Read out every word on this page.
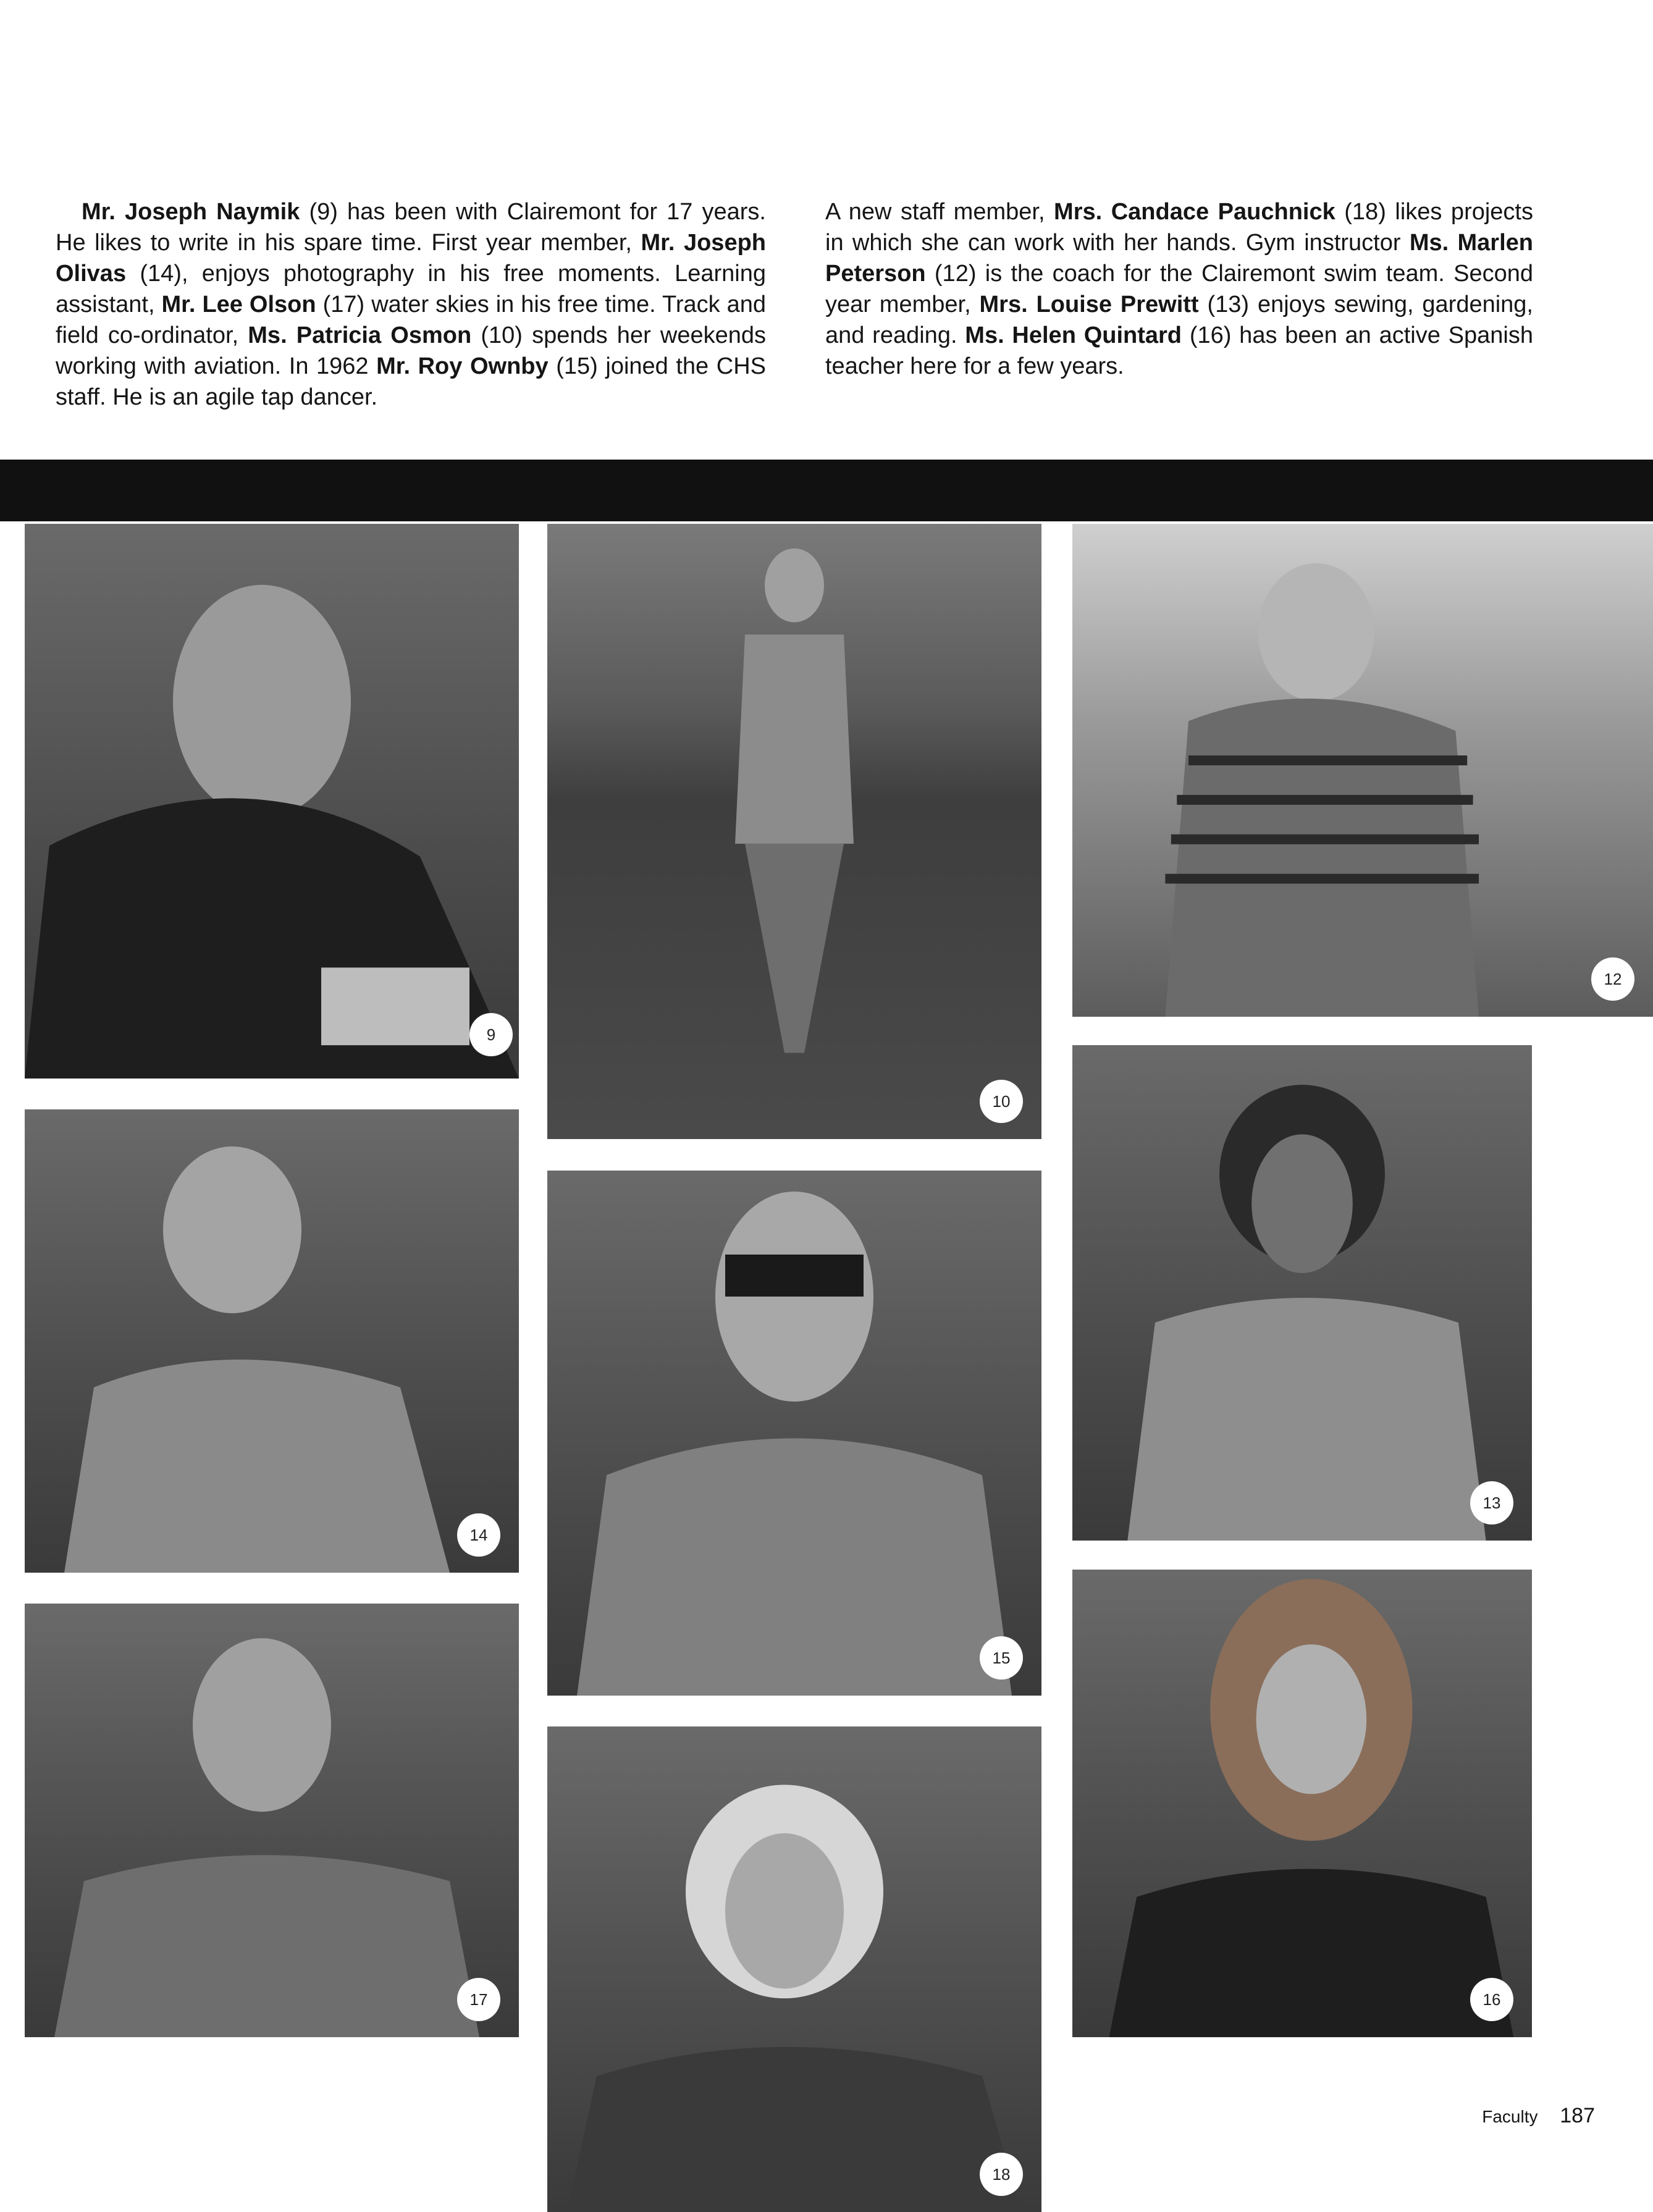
Mr. Joseph Naymik (9) has been with Clairemont for 17 years. He likes to write in his spare time. First year member, Mr. Joseph Olivas (14), enjoys photography in his free moments. Learning assistant, Mr. Lee Olson (17) water skies in his free time. Track and field co-ordinator, Ms. Patricia Osmon (10) spends her weekends working with aviation. In 1962 Mr. Roy Ownby (15) joined the CHS staff. He is an agile tap dancer.

A new staff member, Mrs. Candace Pauchnick (18) likes projects in which she can work with her hands. Gym instructor Ms. Marlen Peterson (12) is the coach for the Clairemont swim team. Second year member, Mrs. Louise Prewitt (13) enjoys sewing, gardening, and reading. Ms. Helen Quintard (16) has been an active Spanish teacher here for a few years.

9
10
12
14
15
13
17
18
16
Faculty 187
